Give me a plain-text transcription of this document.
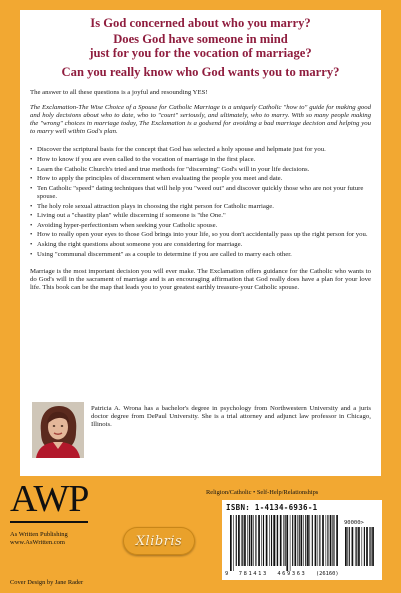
Is God concerned about who you marry?

Does God have someone in mind

just for you for the vocation of marriage?

Can you really know who God wants you to marry?

The answer to all these questions is a joyful and resounding YES!

The Exclamation-The Wise Choice of a Spouse for Catholic Marriage is a uniquely Catholic "how to" guide for making good and holy decisions about who to date, who to "court" seriously, and ultimately, who to marry. With so many people making the "wrong" choices in marriage today, The Exclamation is a godsend for avoiding a bad marriage decision and helping you to marry well within God's plan.

• Discover the scriptural basis for the concept that God has selected a holy spouse and helpmate just for you.
• How to know if you are even called to the vocation of marriage in the first place.
• Learn the Catholic Church's tried and true methods for "discerning" God's will in your life decisions.
• How to apply the principles of discernment when evaluating the people you meet and date.
• Ten Catholic "speed" dating techniques that will help you "weed out" and discover quickly those who are not your future spouse.
• The holy role sexual attraction plays in choosing the right person for Catholic marriage.
• Living out a "chastity plan" while discerning if someone is "the One."
• Avoiding hyper-perfectionism when seeking your Catholic spouse.
• How to really open your eyes to those God brings into your life, so you don't accidentally pass up the right person for you.
• Asking the right questions about someone you are considering for marriage.
• Using "communal discernment" as a couple to determine if you are called to marry each other.

Marriage is the most important decision you will ever make. The Exclamation offers guidance for the Catholic who wants to do God's will in the sacrament of marriage and is an encouraging affirmation that God really does have a plan for your love life. This book can be the map that leads you to your greatest earthly treasure-your Catholic spouse.

Patricia A. Wrona has a bachelor's degree in psychology from Northwestern University and a juris doctor degree from DePaul University. She is a trial attorney and adjunct law professor in Chicago, Illinois.

AWP

As Written Publishing

www.AsWritten.com	Xlibris
Religion/Catholic • Self-Help/Relationships
ISBN: 1-4134-6936-1
90000>
9 781413 469363 (26160)
Cover Design by Jane Rader
